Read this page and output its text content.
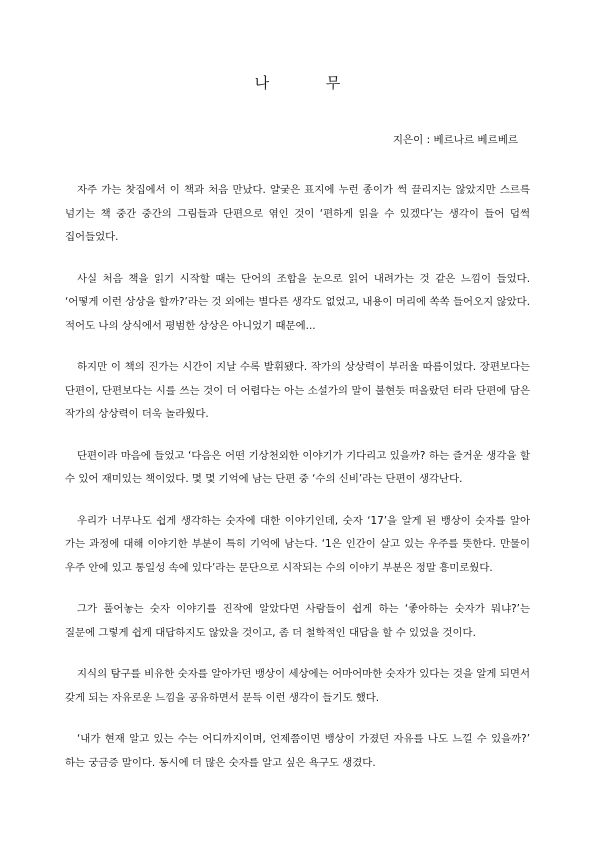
나 무

지은이 : 베르나르 베르베르

자주 가는 찻집에서 이 책과 처음 만났다. 얄궂은 표지에 누런 종이가 썩 끌리지는 않았지만 스르륵 넘기는 책 중간 중간의 그림들과 단편으로 엮인 것이 ‘편하게 읽을 수 있겠다’는 생각이 들어 덥썩 집어들었다.

사실 처음 책을 읽기 시작할 때는 단어의 조합을 눈으로 읽어 내려가는 것 같은 느낌이 들었다. ‘어떻게 이런 상상을 할까?’라는 것 외에는 별다른 생각도 없었고, 내용이 머리에 쏙쏙 들어오지 않았다. 적어도 나의 상식에서 평범한 상상은 아니었기 때문에...

하지만 이 책의 진가는 시간이 지날 수록 발휘됐다. 작가의 상상력이 부러울 따름이었다. 장편보다는 단편이, 단편보다는 시를 쓰는 것이 더 어렵다는 아는 소설가의 말이 불현듯 떠올랐던 터라 단편에 담은 작가의 상상력이 더욱 놀라웠다.

단편이라 마음에 들었고 ‘다음은 어떤 기상천외한 이야기가 기다리고 있을까? 하는 즐거운 생각을 할 수 있어 재미있는 책이었다. 몇 몇 기억에 남는 단편 중 ‘수의 신비’라는 단편이 생각난다.

우리가 너무나도 쉽게 생각하는 숫자에 대한 이야기인데, 숫자 ‘17’을 알게 된 뱅상이 숫자를 알아 가는 과정에 대해 이야기한 부분이 특히 기억에 남는다. ‘1은 인간이 살고 있는 우주를 뜻한다. 만물이 우주 안에 있고 통일성 속에 있다’라는 문단으로 시작되는 수의 이야기 부분은 정말 흥미로웠다.

그가 풀어놓는 숫자 이야기를 진작에 알았다면 사람들이 쉽게 하는 ‘좋아하는 숫자가 뭐냐?’는 질문에 그렇게 쉽게 대답하지도 않았을 것이고, 좀 더 철학적인 대답을 할 수 있었을 것이다.

지식의 탐구를 비유한 숫자를 알아가던 뱅상이 세상에는 어마어마한 숫자가 있다는 것을 알게 되면서 갖게 되는 자유로운 느낌을 공유하면서 문득 이런 생각이 들기도 했다.

‘내가 현재 알고 있는 수는 어디까지이며, 언제쯤이면 뱅상이 가졌던 자유를 나도 느낄 수 있을까?’ 하는 궁금증 말이다. 동시에 더 많은 숫자를 알고 싶은 욕구도 생겼다.
